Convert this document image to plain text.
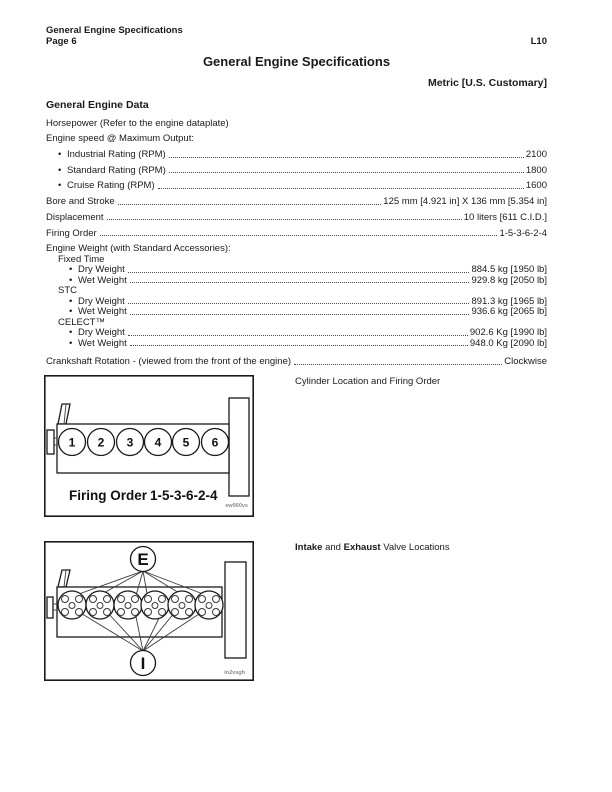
General Engine Specifications
Page 6	L10
General Engine Specifications
Metric [U.S. Customary]
General Engine Data
Horsepower (Refer to the engine dataplate)
Engine speed @ Maximum Output:
• Industrial Rating (RPM)	2100
• Standard Rating (RPM)	1800
• Cruise Rating (RPM)	1600
Bore and Stroke	125 mm [4.921 in] X 136 mm [5.354 in]
Displacement	10 liters [611 C.I.D.]
Firing Order	1-5-3-6-2-4
Engine Weight (with Standard Accessories):
Fixed Time
• Dry Weight	884.5 kg [1950 lb]
• Wet Weight	929.8 kg [2050 lb]
STC
• Dry Weight	891.3 kg [1965 lb]
• Wet Weight	936.6 kg [2065 lb]
CELECT™
• Dry Weight	902.6 Kg [1990 lb]
• Wet Weight	948.0 Kg [2090 lb]
Crankshaft Rotation - (viewed from the front of the engine)	Clockwise
1 2 3 4 5 6
Firing Order 1-5-3-6-2-4
ew900vs
Cylinder Location and Firing Order
E
I	in2vsgh
Intake and Exhaust Valve Locations
